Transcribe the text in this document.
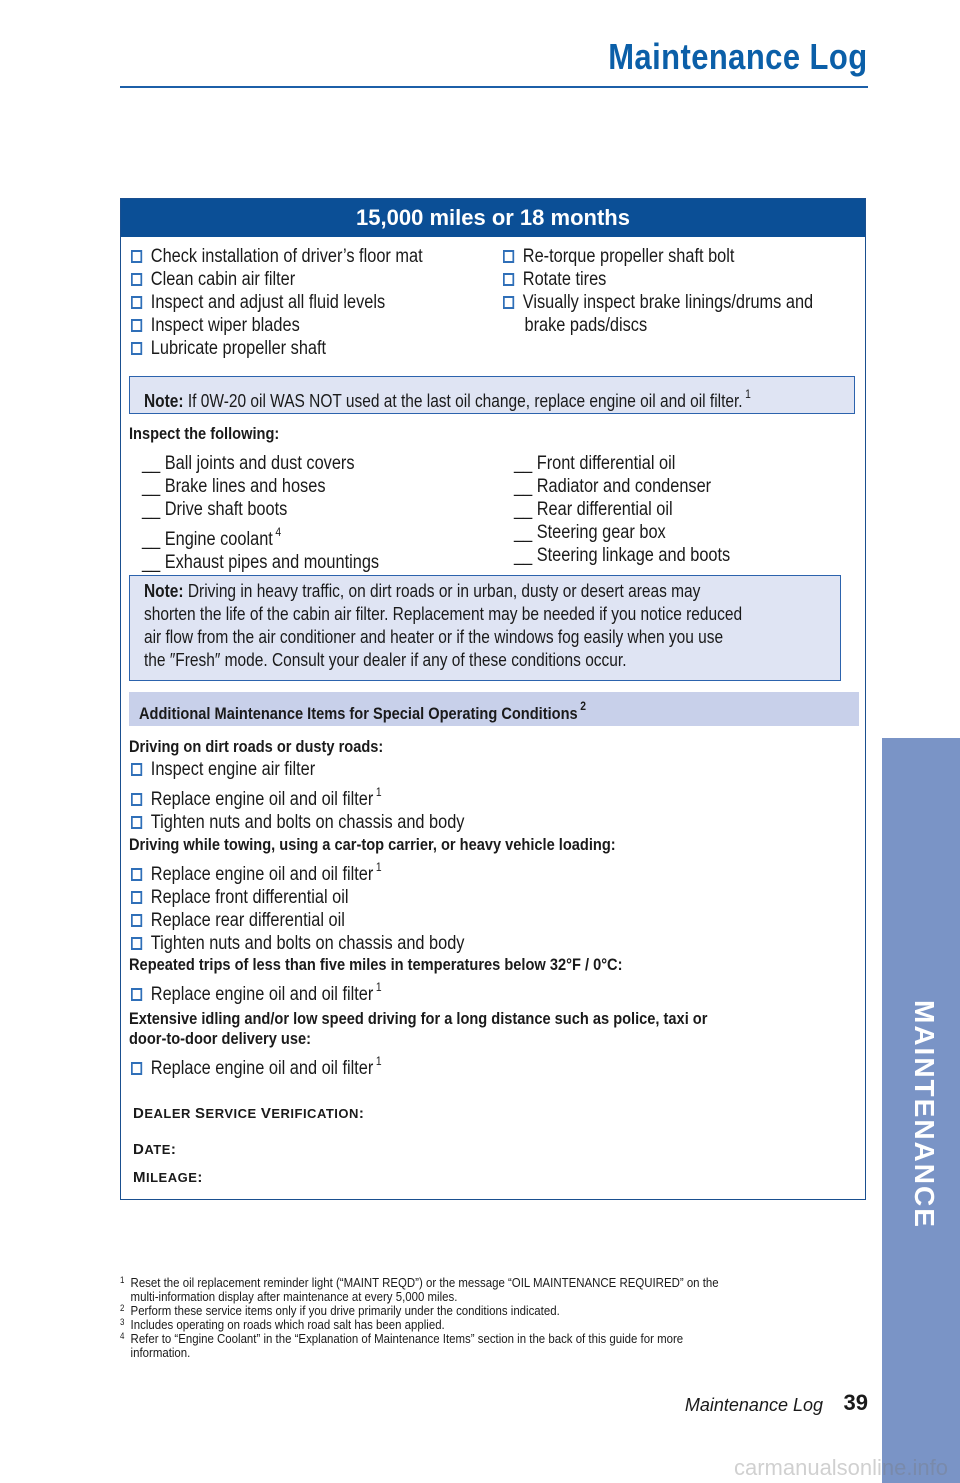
Maintenance Log
15,000 miles or 18 months
Check installation of driver’s floor mat
Clean cabin air filter
Inspect and adjust all fluid levels
Inspect wiper blades
Lubricate propeller shaft
Re-torque propeller shaft bolt
Rotate tires
Visually inspect brake linings/drums and
brake pads/discs
Note: If 0W-20 oil WAS NOT used at the last oil change, replace engine oil and oil filter. $^1$
Inspect the following:
__ Ball joints and dust covers
__ Brake lines and hoses
__ Drive shaft boots
__ Engine coolant $^4$
__ Exhaust pipes and mountings
__ Front differential oil
__ Radiator and condenser
__ Rear differential oil
__ Steering gear box
__ Steering linkage and boots
Note: Driving in heavy traffic, on dirt roads or in urban, dusty or desert areas may
shorten the life of the cabin air filter. Replacement may be needed if you notice reduced
air flow from the air conditioner and heater or if the windows fog easily when you use
the ″Fresh″ mode. Consult your dealer if any of these conditions occur.
Additional Maintenance Items for Special Operating Conditions $^2$
Driving on dirt roads or dusty roads:
Inspect engine air filter
Replace engine oil and oil filter $^1$
Tighten nuts and bolts on chassis and body
Driving while towing, using a car-top carrier, or heavy vehicle loading:
Replace engine oil and oil filter $^1$
Replace front differential oil
Replace rear differential oil
Tighten nuts and bolts on chassis and body
Repeated trips of less than five miles in temperatures below 32°F / 0°C:
Replace engine oil and oil filter $^1$
Extensive idling and/or low speed driving for a long distance such as police, taxi or
door-to-door delivery use:
Replace engine oil and oil filter $^1$
DEALER SERVICE VERIFICATION:
DATE:
MILEAGE:
1 Reset the oil replacement reminder light (“MAINT REQD”) or the message “OIL MAINTENANCE REQUIRED” on the
multi-information display after maintenance at every 5,000 miles.
2 Perform these service items only if you drive primarily under the conditions indicated.
3 Includes operating on roads which road salt has been applied.
4 Refer to “Engine Coolant” in the “Explanation of Maintenance Items” section in the back of this guide for more
information.
Maintenance Log 39
MAINTENANCE
carmanualsonline.info
